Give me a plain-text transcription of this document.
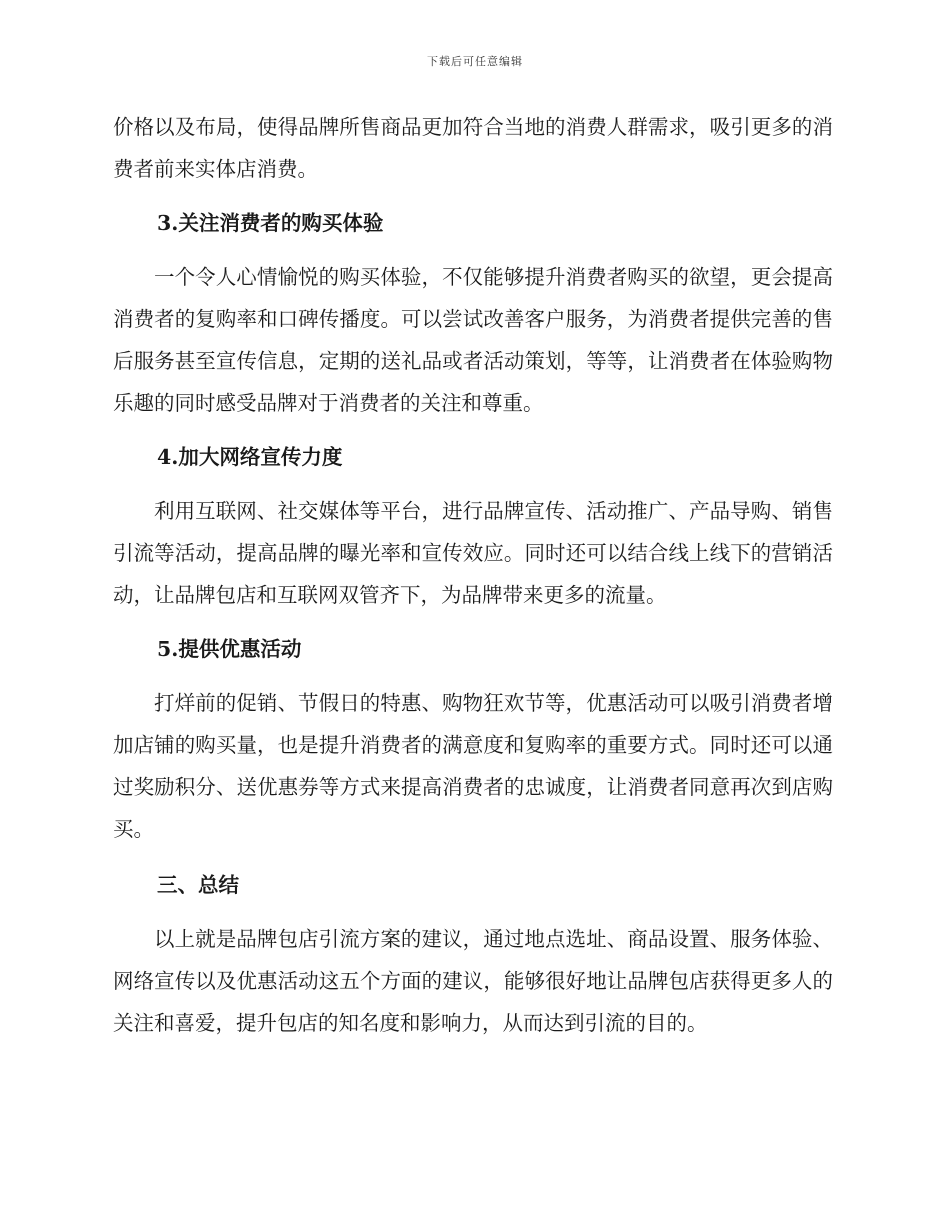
下载后可任意编辑

价格以及布局，使得品牌所售商品更加符合当地的消费人群需求，吸引更多的消费者前来实体店消费。

3.关注消费者的购买体验

一个令人心情愉悦的购买体验，不仅能够提升消费者购买的欲望，更会提高消费者的复购率和口碑传播度。可以尝试改善客户服务，为消费者提供完善的售后服务甚至宣传信息，定期的送礼品或者活动策划，等等，让消费者在体验购物乐趣的同时感受品牌对于消费者的关注和尊重。

4.加大网络宣传力度

利用互联网、社交媒体等平台，进行品牌宣传、活动推广、产品导购、销售引流等活动，提高品牌的曝光率和宣传效应。同时还可以结合线上线下的营销活动，让品牌包店和互联网双管齐下，为品牌带来更多的流量。

5.提供优惠活动

打烊前的促销、节假日的特惠、购物狂欢节等，优惠活动可以吸引消费者增加店铺的购买量，也是提升消费者的满意度和复购率的重要方式。同时还可以通过奖励积分、送优惠券等方式来提高消费者的忠诚度，让消费者同意再次到店购买。

三、总结

以上就是品牌包店引流方案的建议，通过地点选址、商品设置、服务体验、网络宣传以及优惠活动这五个方面的建议，能够很好地让品牌包店获得更多人的关注和喜爱，提升包店的知名度和影响力，从而达到引流的目的。
